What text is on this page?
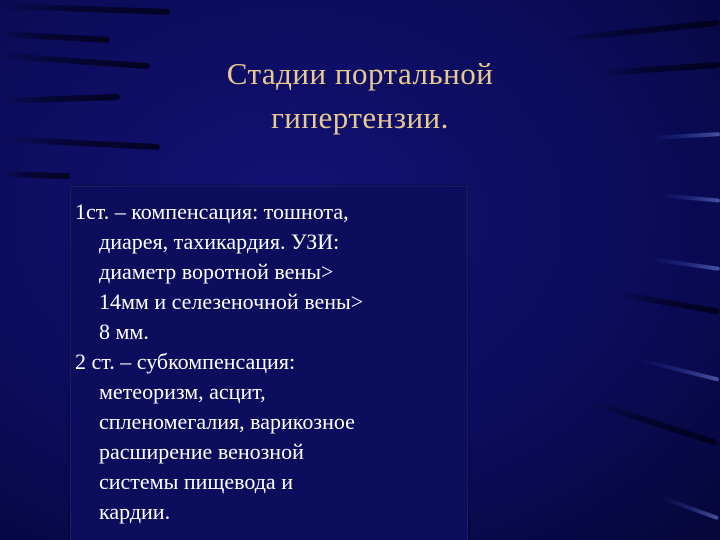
Стадии портальной
гипертензии.

1ст. – компенсация: тошнота,
диарея, тахикардия. УЗИ:
диаметр воротной вены>
14мм и селезеночной вены>
8 мм.

2 ст. – субкомпенсация:
метеоризм, асцит,
спленомегалия, варикозное
расширение венозной
системы пищевода и
кардии.
